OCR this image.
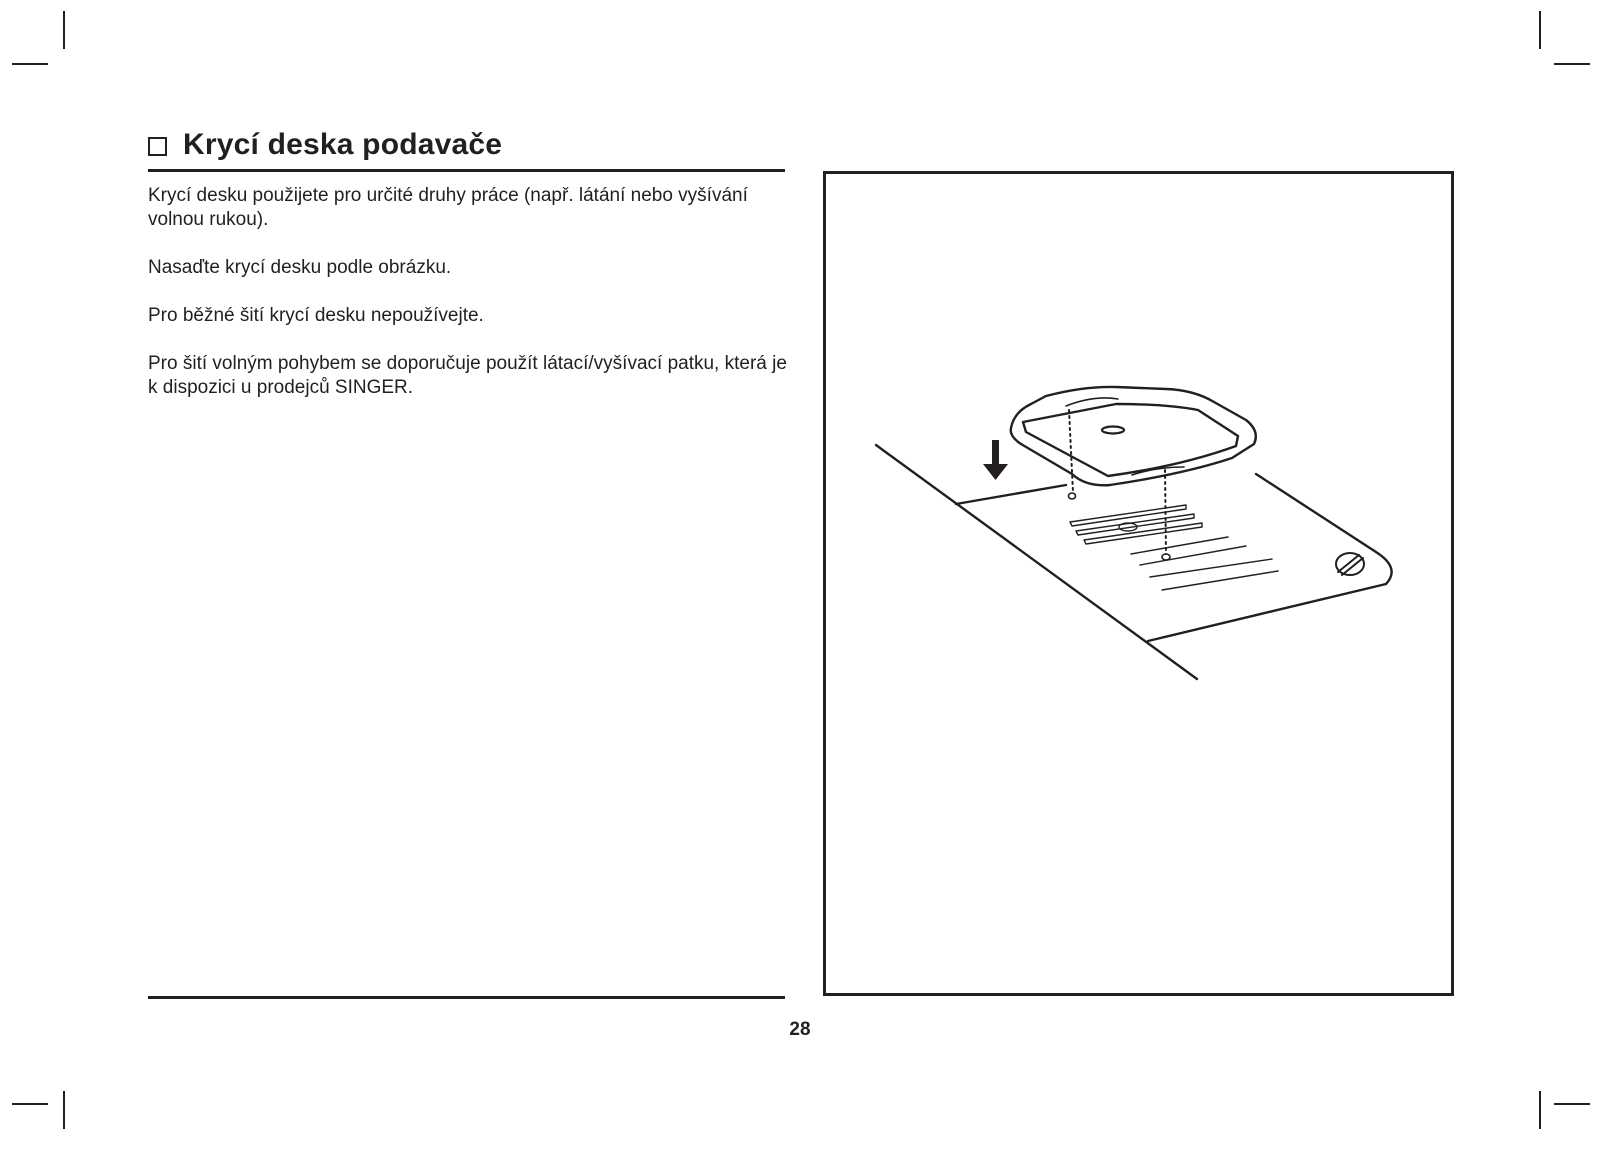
Krycí deska podavače

Krycí desku použijete pro určité druhy práce (např. látání nebo vyšívání volnou rukou).

Nasaďte krycí desku podle obrázku.

Pro běžné šití krycí desku nepoužívejte.

Pro šití volným pohybem se doporučuje použít látací/vyšívací patku, která je k dispozici u prodejců SINGER.

28
